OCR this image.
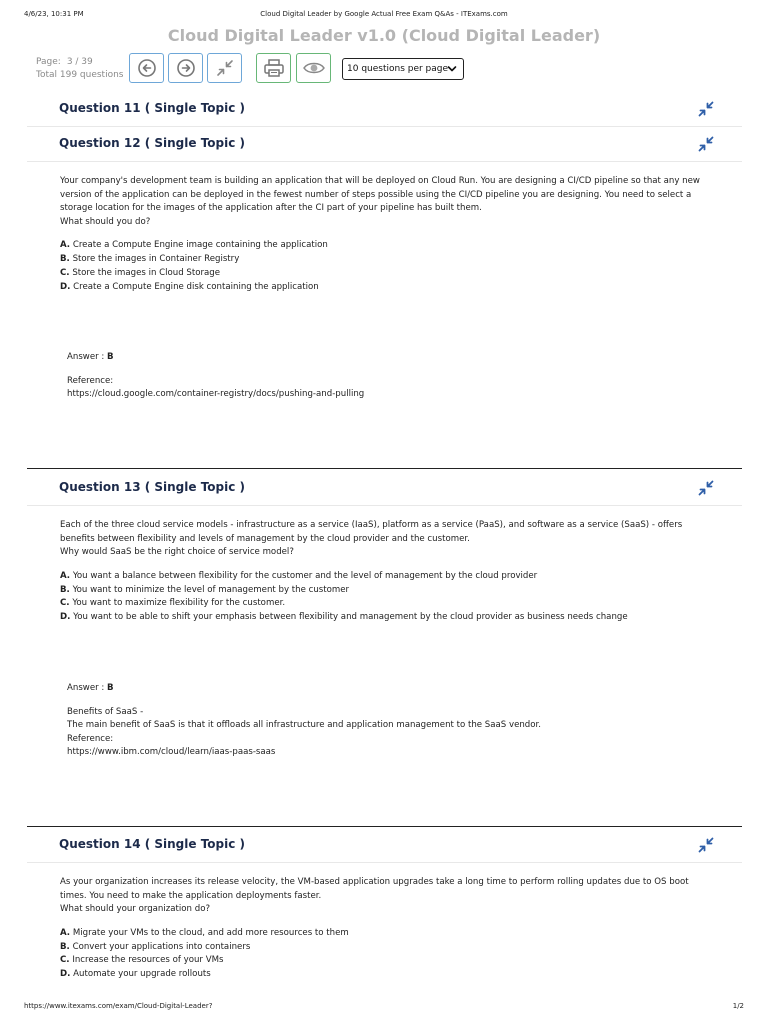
4/6/23, 10:31 PM	Cloud Digital Leader by Google Actual Free Exam Q&As - ITExams.com
Cloud Digital Leader v1.0 (Cloud Digital Leader)
Page: 3 / 39
Total 199 questions
10 questions per page
Question 11 ( Single Topic )
Question 12 ( Single Topic )

Your company's development team is building an application that will be deployed on Cloud Run. You are designing a CI/CD pipeline so that any new version of the application can be deployed in the fewest number of steps possible using the CI/CD pipeline you are designing. You need to select a storage location for the images of the application after the CI part of your pipeline has built them.

What should you do?

A. Create a Compute Engine image containing the application

B. Store the images in Container Registry

C. Store the images in Cloud Storage

D. Create a Compute Engine disk containing the application

Answer : B

Reference:

https://cloud.google.com/container-registry/docs/pushing-and-pulling

Question 13 ( Single Topic )

Each of the three cloud service models - infrastructure as a service (IaaS), platform as a service (PaaS), and software as a service (SaaS) - offers benefits between flexibility and levels of management by the cloud provider and the customer.

Why would SaaS be the right choice of service model?

A. You want a balance between flexibility for the customer and the level of management by the cloud provider

B. You want to minimize the level of management by the customer

C. You want to maximize flexibility for the customer.

D. You want to be able to shift your emphasis between flexibility and management by the cloud provider as business needs change

Answer : B

Benefits of SaaS -

The main benefit of SaaS is that it offloads all infrastructure and application management to the SaaS vendor.

Reference:

https://www.ibm.com/cloud/learn/iaas-paas-saas

Question 14 ( Single Topic )

As your organization increases its release velocity, the VM-based application upgrades take a long time to perform rolling updates due to OS boot times. You need to make the application deployments faster.

What should your organization do?

A. Migrate your VMs to the cloud, and add more resources to them

B. Convert your applications into containers

C. Increase the resources of your VMs

D. Automate your upgrade rollouts

https://www.itexams.com/exam/Cloud-Digital-Leader?	1/2
